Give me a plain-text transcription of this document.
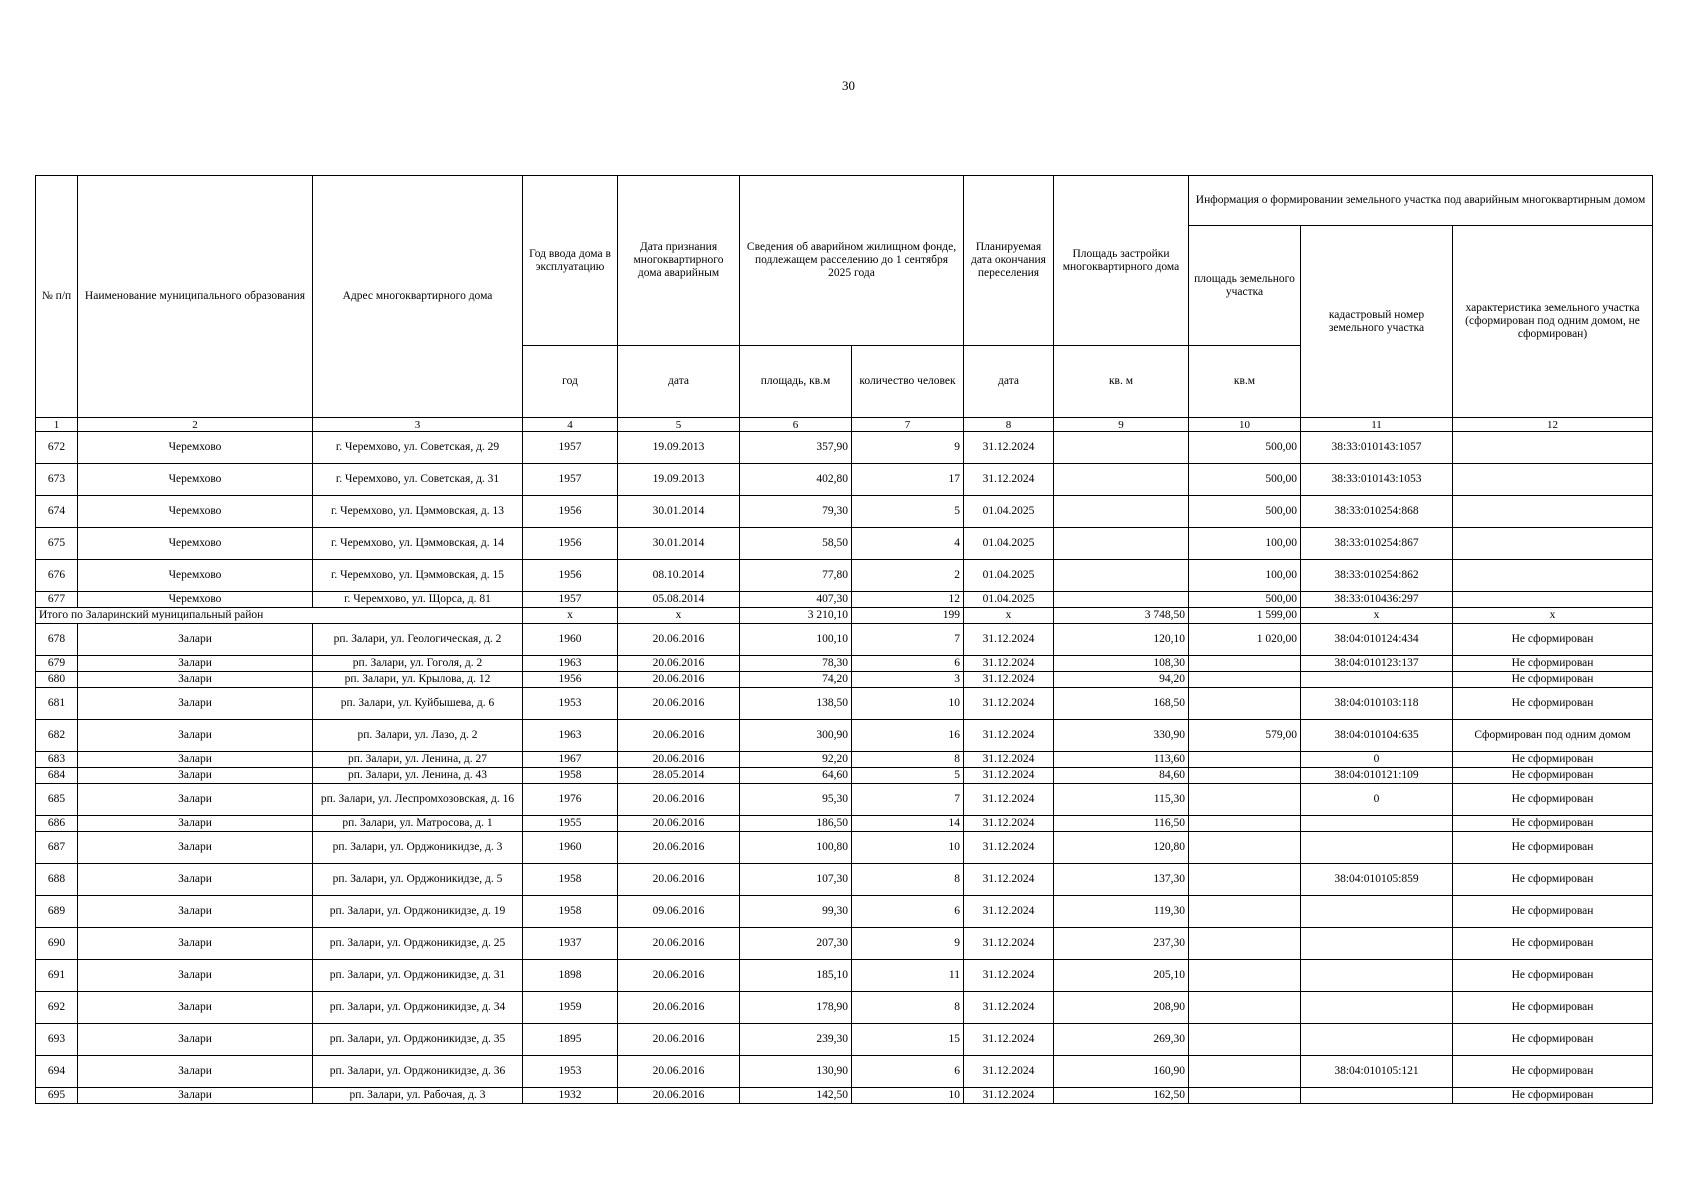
30
№ п/п	Наименование муниципального образования	Адрес многоквартирного дома	Год ввода дома в эксплуатацию	Дата признания многоквартирного дома аварийным	Сведения об аварийном жилищном фонде, подлежащем расселению до 1 сентября 2025 года		Планируемая дата окончания переселения	Площадь застройки многоквартирного дома	Информация о формировании земельного участка под аварийным многоквартирным домом		
									площадь земельного участка	кадастровый номер земельного участка	характеристика земельного участка (сформирован под одним домом, не сформирован)
			год	дата	площадь, кв.м	количество человек	дата	кв. м	кв.м		
1	2	3	4	5	6	7	8	9	10	11	12
672	Черемхово	г. Черемхово, ул. Советская, д. 29	1957	19.09.2013	357,90	9	31.12.2024		500,00	38:33:010143:1057	
673	Черемхово	г. Черемхово, ул. Советская, д. 31	1957	19.09.2013	402,80	17	31.12.2024		500,00	38:33:010143:1053	
674	Черемхово	г. Черемхово, ул. Цэммовская, д. 13	1956	30.01.2014	79,30	5	01.04.2025		500,00	38:33:010254:868	
675	Черемхово	г. Черемхово, ул. Цэммовская, д. 14	1956	30.01.2014	58,50	4	01.04.2025		100,00	38:33:010254:867	
676	Черемхово	г. Черемхово, ул. Цэммовская, д. 15	1956	08.10.2014	77,80	2	01.04.2025		100,00	38:33:010254:862	
677	Черемхово	г. Черемхово, ул. Щорса, д. 81	1957	05.08.2014	407,30	12	01.04.2025		500,00	38:33:010436:297	
Итого по Заларинский муниципальный район			х	х	3 210,10	199	х	3 748,50	1 599,00	х	х
678	Залари	рп. Залари, ул. Геологическая, д. 2	1960	20.06.2016	100,10	7	31.12.2024	120,10	1 020,00	38:04:010124:434	Не сформирован
679	Залари	рп. Залари, ул. Гоголя, д. 2	1963	20.06.2016	78,30	6	31.12.2024	108,30		38:04:010123:137	Не сформирован
680	Залари	рп. Залари, ул. Крылова, д. 12	1956	20.06.2016	74,20	3	31.12.2024	94,20			Не сформирован
681	Залари	рп. Залари, ул. Куйбышева, д. 6	1953	20.06.2016	138,50	10	31.12.2024	168,50		38:04:010103:118	Не сформирован
682	Залари	рп. Залари, ул. Лазо, д. 2	1963	20.06.2016	300,90	16	31.12.2024	330,90	579,00	38:04:010104:635	Сформирован под одним домом
683	Залари	рп. Залари, ул. Ленина, д. 27	1967	20.06.2016	92,20	8	31.12.2024	113,60		0	Не сформирован
684	Залари	рп. Залари, ул. Ленина, д. 43	1958	28.05.2014	64,60	5	31.12.2024	84,60		38:04:010121:109	Не сформирован
685	Залари	рп. Залари, ул. Леспромхозовская, д. 16	1976	20.06.2016	95,30	7	31.12.2024	115,30		0	Не сформирован
686	Залари	рп. Залари, ул. Матросова, д. 1	1955	20.06.2016	186,50	14	31.12.2024	116,50			Не сформирован
687	Залари	рп. Залари, ул. Орджоникидзе, д. 3	1960	20.06.2016	100,80	10	31.12.2024	120,80			Не сформирован
688	Залари	рп. Залари, ул. Орджоникидзе, д. 5	1958	20.06.2016	107,30	8	31.12.2024	137,30		38:04:010105:859	Не сформирован
689	Залари	рп. Залари, ул. Орджоникидзе, д. 19	1958	09.06.2016	99,30	6	31.12.2024	119,30			Не сформирован
690	Залари	рп. Залари, ул. Орджоникидзе, д. 25	1937	20.06.2016	207,30	9	31.12.2024	237,30			Не сформирован
691	Залари	рп. Залари, ул. Орджоникидзе, д. 31	1898	20.06.2016	185,10	11	31.12.2024	205,10			Не сформирован
692	Залари	рп. Залари, ул. Орджоникидзе, д. 34	1959	20.06.2016	178,90	8	31.12.2024	208,90			Не сформирован
693	Залари	рп. Залари, ул. Орджоникидзе, д. 35	1895	20.06.2016	239,30	15	31.12.2024	269,30			Не сформирован
694	Залари	рп. Залари, ул. Орджоникидзе, д. 36	1953	20.06.2016	130,90	6	31.12.2024	160,90		38:04:010105:121	Не сформирован
695	Залари	рп. Залари, ул. Рабочая, д. 3	1932	20.06.2016	142,50	10	31.12.2024	162,50			Не сформирован
